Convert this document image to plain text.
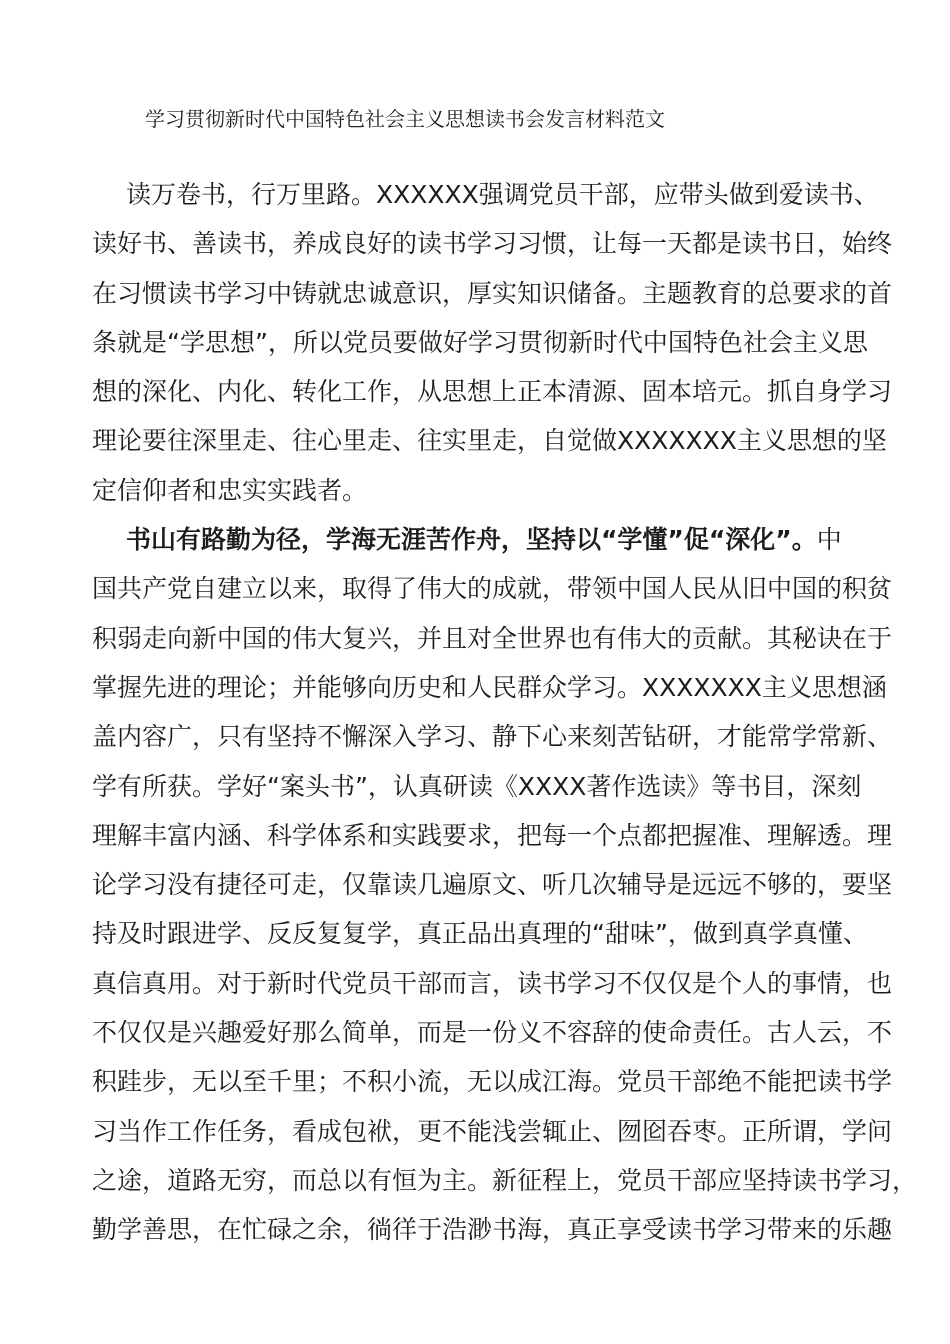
学习贯彻新时代中国特色社会主义思想读书会发言材料范文
读万卷书，行万里路。XXXXXX强调党员干部，应带头做到爱读书、
读好书、善读书，养成良好的读书学习习惯，让每一天都是读书日，始终
在习惯读书学习中铸就忠诚意识，厚实知识储备。主题教育的总要求的首
条就是“学思想”，所以党员要做好学习贯彻新时代中国特色社会主义思
想的深化、内化、转化工作，从思想上正本清源、固本培元。抓自身学习
理论要往深里走、往心里走、往实里走，自觉做XXXXXXX主义思想的坚
定信仰者和忠实实践者。
书山有路勤为径，学海无涯苦作舟，坚持以“学懂”促“深化”。中
国共产党自建立以来，取得了伟大的成就，带领中国人民从旧中国的积贫
积弱走向新中国的伟大复兴，并且对全世界也有伟大的贡献。其秘诀在于
掌握先进的理论；并能够向历史和人民群众学习。XXXXXXX主义思想涵
盖内容广，只有坚持不懈深入学习、静下心来刻苦钻研，才能常学常新、
学有所获。学好“案头书”，认真研读《XXXX著作选读》等书目，深刻
理解丰富内涵、科学体系和实践要求，把每一个点都把握准、理解透。理
论学习没有捷径可走，仅靠读几遍原文、听几次辅导是远远不够的，要坚
持及时跟进学、反反复复学，真正品出真理的“甜味”，做到真学真懂、
真信真用。对于新时代党员干部而言，读书学习不仅仅是个人的事情，也
不仅仅是兴趣爱好那么简单，而是一份义不容辞的使命责任。古人云，不
积跬步，无以至千里；不积小流，无以成江海。党员干部绝不能把读书学
习当作工作任务，看成包袱，更不能浅尝辄止、囫囵吞枣。正所谓，学问
之途，道路无穷，而总以有恒为主。新征程上，党员干部应坚持读书学习，
勤学善思，在忙碌之余，徜徉于浩渺书海，真正享受读书学习带来的乐趣
